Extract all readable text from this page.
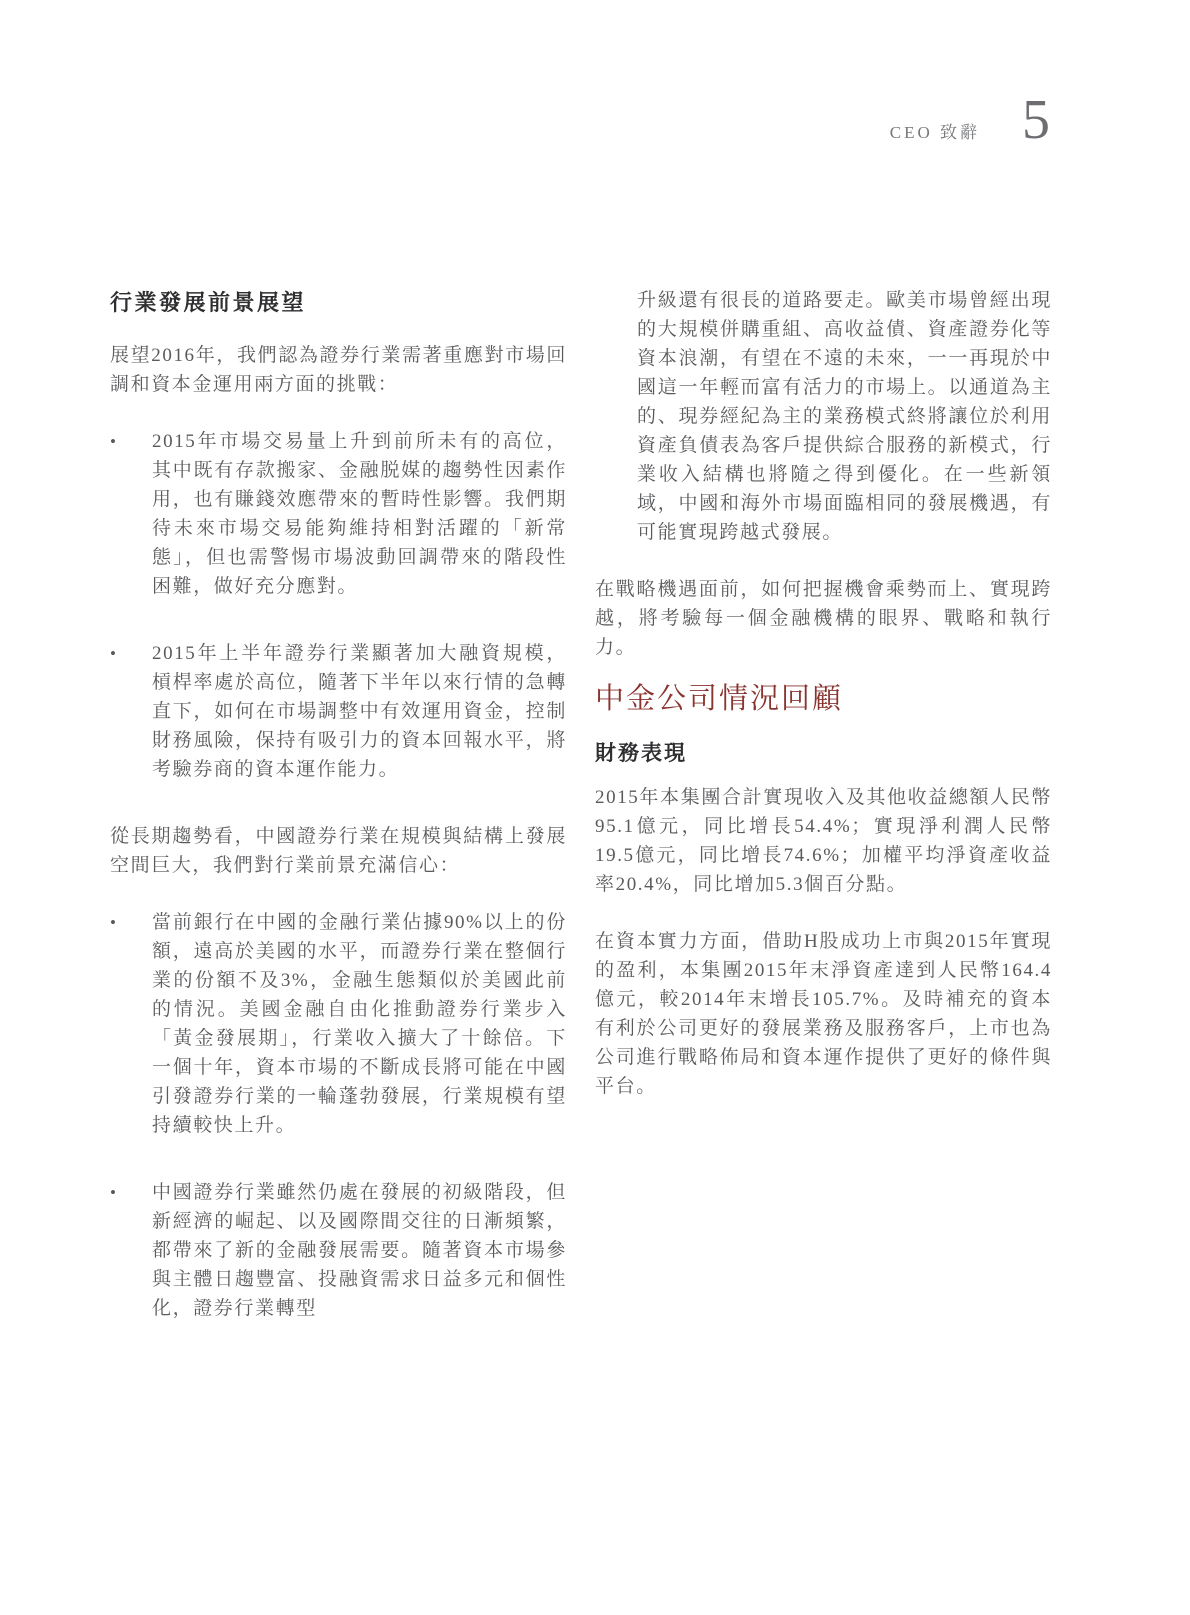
CEO 致辭 5
行業發展前景展望

展望2016年，我們認為證券行業需著重應對市場回調和資本金運用兩方面的挑戰：

•	2015年市場交易量上升到前所未有的高位，其中既有存款搬家、金融脱媒的趨勢性因素作用，也有賺錢效應帶來的暫時性影響。我們期待未來市場交易能夠維持相對活躍的「新常態」，但也需警惕市場波動回調帶來的階段性困難，做好充分應對。
•	2015年上半年證券行業顯著加大融資規模，槓桿率處於高位，隨著下半年以來行情的急轉直下，如何在市場調整中有效運用資金，控制財務風險，保持有吸引力的資本回報水平，將考驗券商的資本運作能力。

從長期趨勢看，中國證券行業在規模與結構上發展空間巨大，我們對行業前景充滿信心：

•	當前銀行在中國的金融行業佔據90%以上的份額，遠高於美國的水平，而證券行業在整個行業的份額不及3%，金融生態類似於美國此前的情況。美國金融自由化推動證券行業步入「黃金發展期」，行業收入擴大了十餘倍。下一個十年，資本市場的不斷成長將可能在中國引發證券行業的一輪蓬勃發展，行業規模有望持續較快上升。
•	中國證券行業雖然仍處在發展的初級階段，但新經濟的崛起、以及國際間交往的日漸頻繁，都帶來了新的金融發展需要。隨著資本市場參與主體日趨豐富、投融資需求日益多元和個性化，證券行業轉型

升級還有很長的道路要走。歐美市場曾經出現的大規模併購重組、高收益債、資產證券化等資本浪潮，有望在不遠的未來，一一再現於中國這一年輕而富有活力的市場上。以通道為主的、現券經紀為主的業務模式終將讓位於利用資產負債表為客戶提供綜合服務的新模式，行業收入結構也將隨之得到優化。在一些新領域，中國和海外市場面臨相同的發展機遇，有可能實現跨越式發展。

在戰略機遇面前，如何把握機會乘勢而上、實現跨越，將考驗每一個金融機構的眼界、戰略和執行力。

中金公司情況回顧
財務表現

2015年本集團合計實現收入及其他收益總額人民幣95.1億元，同比增長54.4%；實現淨利潤人民幣19.5億元，同比增長74.6%；加權平均淨資產收益率20.4%，同比增加5.3個百分點。

在資本實力方面，借助H股成功上市與2015年實現的盈利，本集團2015年末淨資產達到人民幣164.4億元，較2014年末增長105.7%。及時補充的資本有利於公司更好的發展業務及服務客戶，上市也為公司進行戰略佈局和資本運作提供了更好的條件與平台。
